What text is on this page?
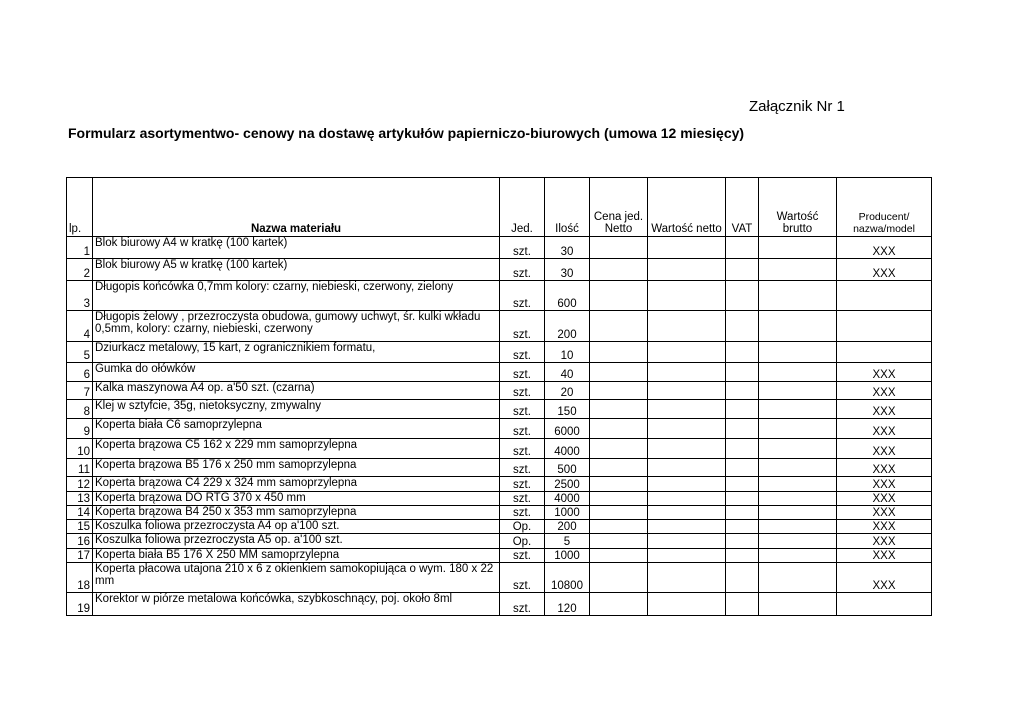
Załącznik Nr 1
Formularz asortymentwo- cenowy na dostawę artykułów papierniczo-biurowych (umowa 12 miesięcy)
lp.	Nazwa materiału	Jed.	Ilość	Cena jed. Netto	Wartość netto	VAT	Wartość brutto	Producent/ nazwa/model
1	Blok biurowy A4 w kratkę (100 kartek)	szt.	30					XXX
2	Blok biurowy A5 w kratkę (100 kartek)	szt.	30					XXX
3	Długopis końcówka 0,7mm kolory: czarny, niebieski, czerwony, zielony	szt.	600					
4	Długopis żelowy , przezroczysta obudowa, gumowy uchwyt, śr. kulki wkładu 0,5mm, kolory: czarny, niebieski, czerwony	szt.	200					
5	Dziurkacz metalowy, 15 kart, z ogranicznikiem formatu,	szt.	10					
6	Gumka do ołówków	szt.	40					XXX
7	Kalka maszynowa A4 op. a'50 szt. (czarna)	szt.	20					XXX
8	Klej w sztyfcie, 35g, nietoksyczny, zmywalny	szt.	150					XXX
9	Koperta biała C6 samoprzylepna	szt.	6000					XXX
10	Koperta brązowa C5 162 x 229 mm samoprzylepna	szt.	4000					XXX
11	Koperta brązowa B5 176 x 250 mm samoprzylepna	szt.	500					XXX
12	Koperta brązowa C4 229 x 324 mm samoprzylepna	szt.	2500					XXX
13	Koperta brązowa DO RTG 370 x 450 mm	szt.	4000					XXX
14	Koperta brązowa B4 250 x 353 mm samoprzylepna	szt.	1000					XXX
15	Koszulka foliowa przezroczysta A4 op a'100 szt.	Op.	200					XXX
16	Koszulka foliowa przezroczysta A5 op. a'100 szt.	Op.	5					XXX
17	Koperta biała B5 176 X 250 MM samoprzylepna	szt.	1000					XXX
18	Koperta płacowa utajona 210 x 6 z okienkiem samokopiująca o wym. 180 x 22 mm	szt.	10800					XXX
19	Korektor w piórze metalowa końcówka, szybkoschnący, poj. około 8ml	szt.	120					
